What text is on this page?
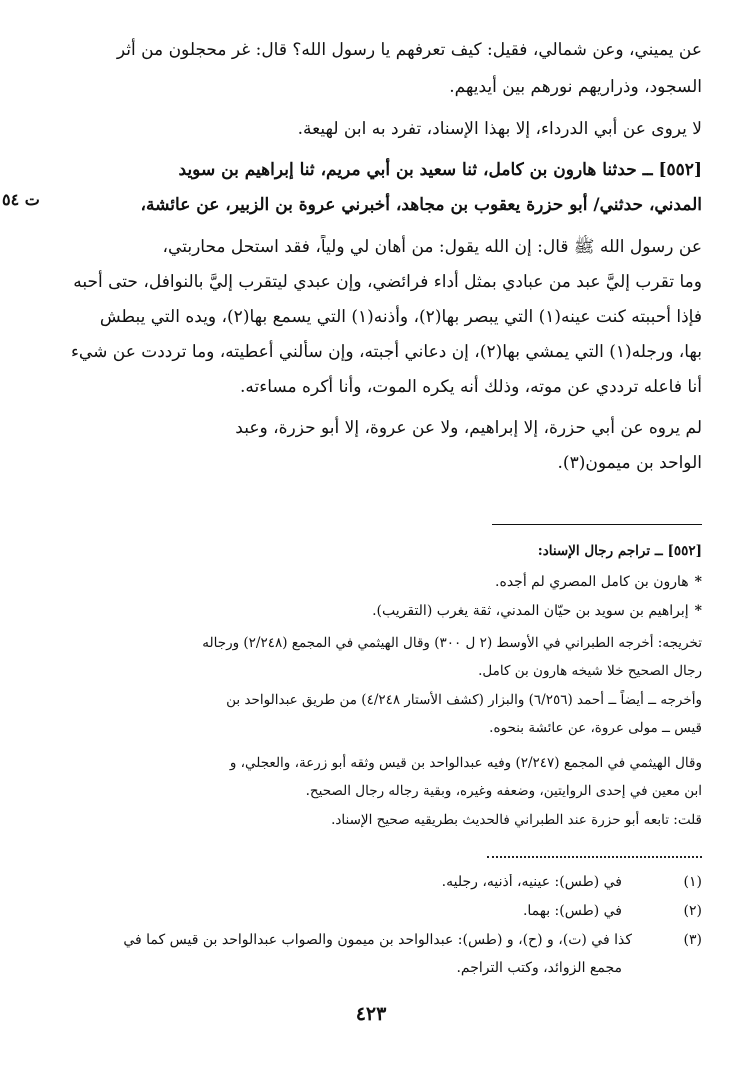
عن يميني، وعن شمالي، فقيل: كيف تعرفهم يا رسول الله؟ قال: غر محجلون من أثر
السجود، وذراريهم نورهم بين أيديهم.
لا يروى عن أبي الدرداء، إلا بهذا الإسناد، تفرد به ابن لهيعة.
[٥٥٢] ــ حدثنا هارون بن كامل، ثنا سعيد بن أبي مريم، ثنا إبراهيم بن سويد
المدني، حدثني/ أبو حزرة يعقوب بن مجاهد، أخبرني عروة بن الزبير، عن عائشة،
ت ٥٤
عن رسول الله ﷺ قال: إن الله يقول: من أهان لي ولياً، فقد استحل محاربتي،
وما تقرب إليَّ عبد من عبادي بمثل أداء فرائضي، وإن عبدي ليتقرب إليَّ بالنوافل، حتى أحبه
فإذا أحببته كنت عينه(١) التي يبصر بها(٢)، وأذنه(١) التي يسمع بها(٢)، ويده التي يبطش
بها، ورجله(١) التي يمشي بها(٢)، إن دعاني أجبته، وإن سألني أعطيته، وما ترددت عن شيء
أنا فاعله ترددي عن موته، وذلك أنه يكره الموت، وأنا أكره مساءته.
لم يروه عن أبي حزرة، إلا إبراهيم، ولا عن عروة، إلا أبو حزرة، وعبد
الواحد بن ميمون(٣).
[٥٥٢] ــ تراجم رجال الإسناد:
*هارون بن كامل المصري لم أجده.
*إبراهيم بن سويد بن حيّان المدني، ثقة يغرب (التقريب).
تخريجه: أخرجه الطبراني في الأوسط (٢ ل ٣٠٠) وقال الهيثمي في المجمع (٢/٢٤٨) ورجاله
رجال الصحيح خلا شيخه هارون بن كامل.
وأخرجه ــ أيضاً ــ أحمد (٦/٢٥٦) والبزار (كشف الأستار ٤/٢٤٨) من طريق عبدالواحد بن
قيس ــ مولى عروة، عن عائشة بنحوه.
وقال الهيثمي في المجمع (٢/٢٤٧) وفيه عبدالواحد بن قيس وثقه أبو زرعة، والعجلي، و
ابن معين في إحدى الروايتين، وضعفه وغيره، وبقية رجاله رجال الصحيح.
قلت: تابعه أبو حزرة عند الطبراني فالحديث بطريقيه صحيح الإسناد.
(١)
في (طس): عينيه، أذنيه، رجليه.
(٢)
في (طس): بهما.
(٣)
كذا في (ت)، و (ح)، و (طس): عبدالواحد بن ميمون والصواب عبدالواحد بن قيس كما في
مجمع الزوائد، وكتب التراجم.
٤٢٣
